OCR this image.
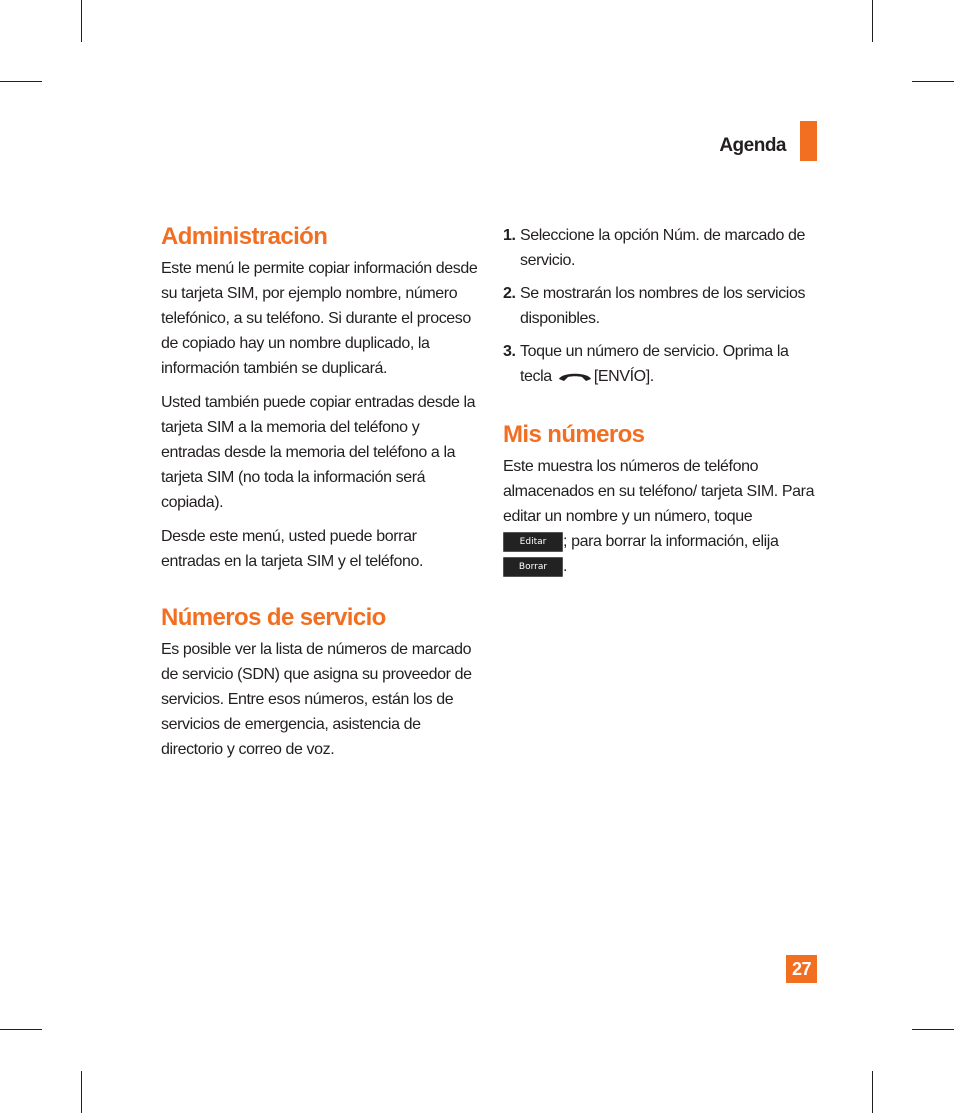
Agenda
Administración

Este menú le permite copiar información desde su tarjeta SIM, por ejemplo nombre, número telefónico, a su teléfono. Si durante el proceso de copiado hay un nombre duplicado, la información también se duplicará.

Usted también puede copiar entradas desde la tarjeta SIM a la memoria del teléfono y entradas desde la memoria del teléfono a la tarjeta SIM (no toda la información será copiada).

Desde este menú, usted puede borrar entradas en la tarjeta SIM y el teléfono.

Números de servicio

Es posible ver la lista de números de marcado de servicio (SDN) que asigna su proveedor de servicios. Entre esos números, están los de servicios de emergencia, asistencia de directorio y correo de voz.

1. Seleccione la opción Núm. de marcado de servicio.
2. Se mostrarán los nombres de los servicios disponibles.
3. Toque un número de servicio. Oprima la tecla	[ENVÍO].
Mis números

Este muestra los números de teléfono almacenados en su teléfono/ tarjeta SIM. Para editar un nombre y un número, toque Editar ; para borrar la información, elija Borrar .

27
